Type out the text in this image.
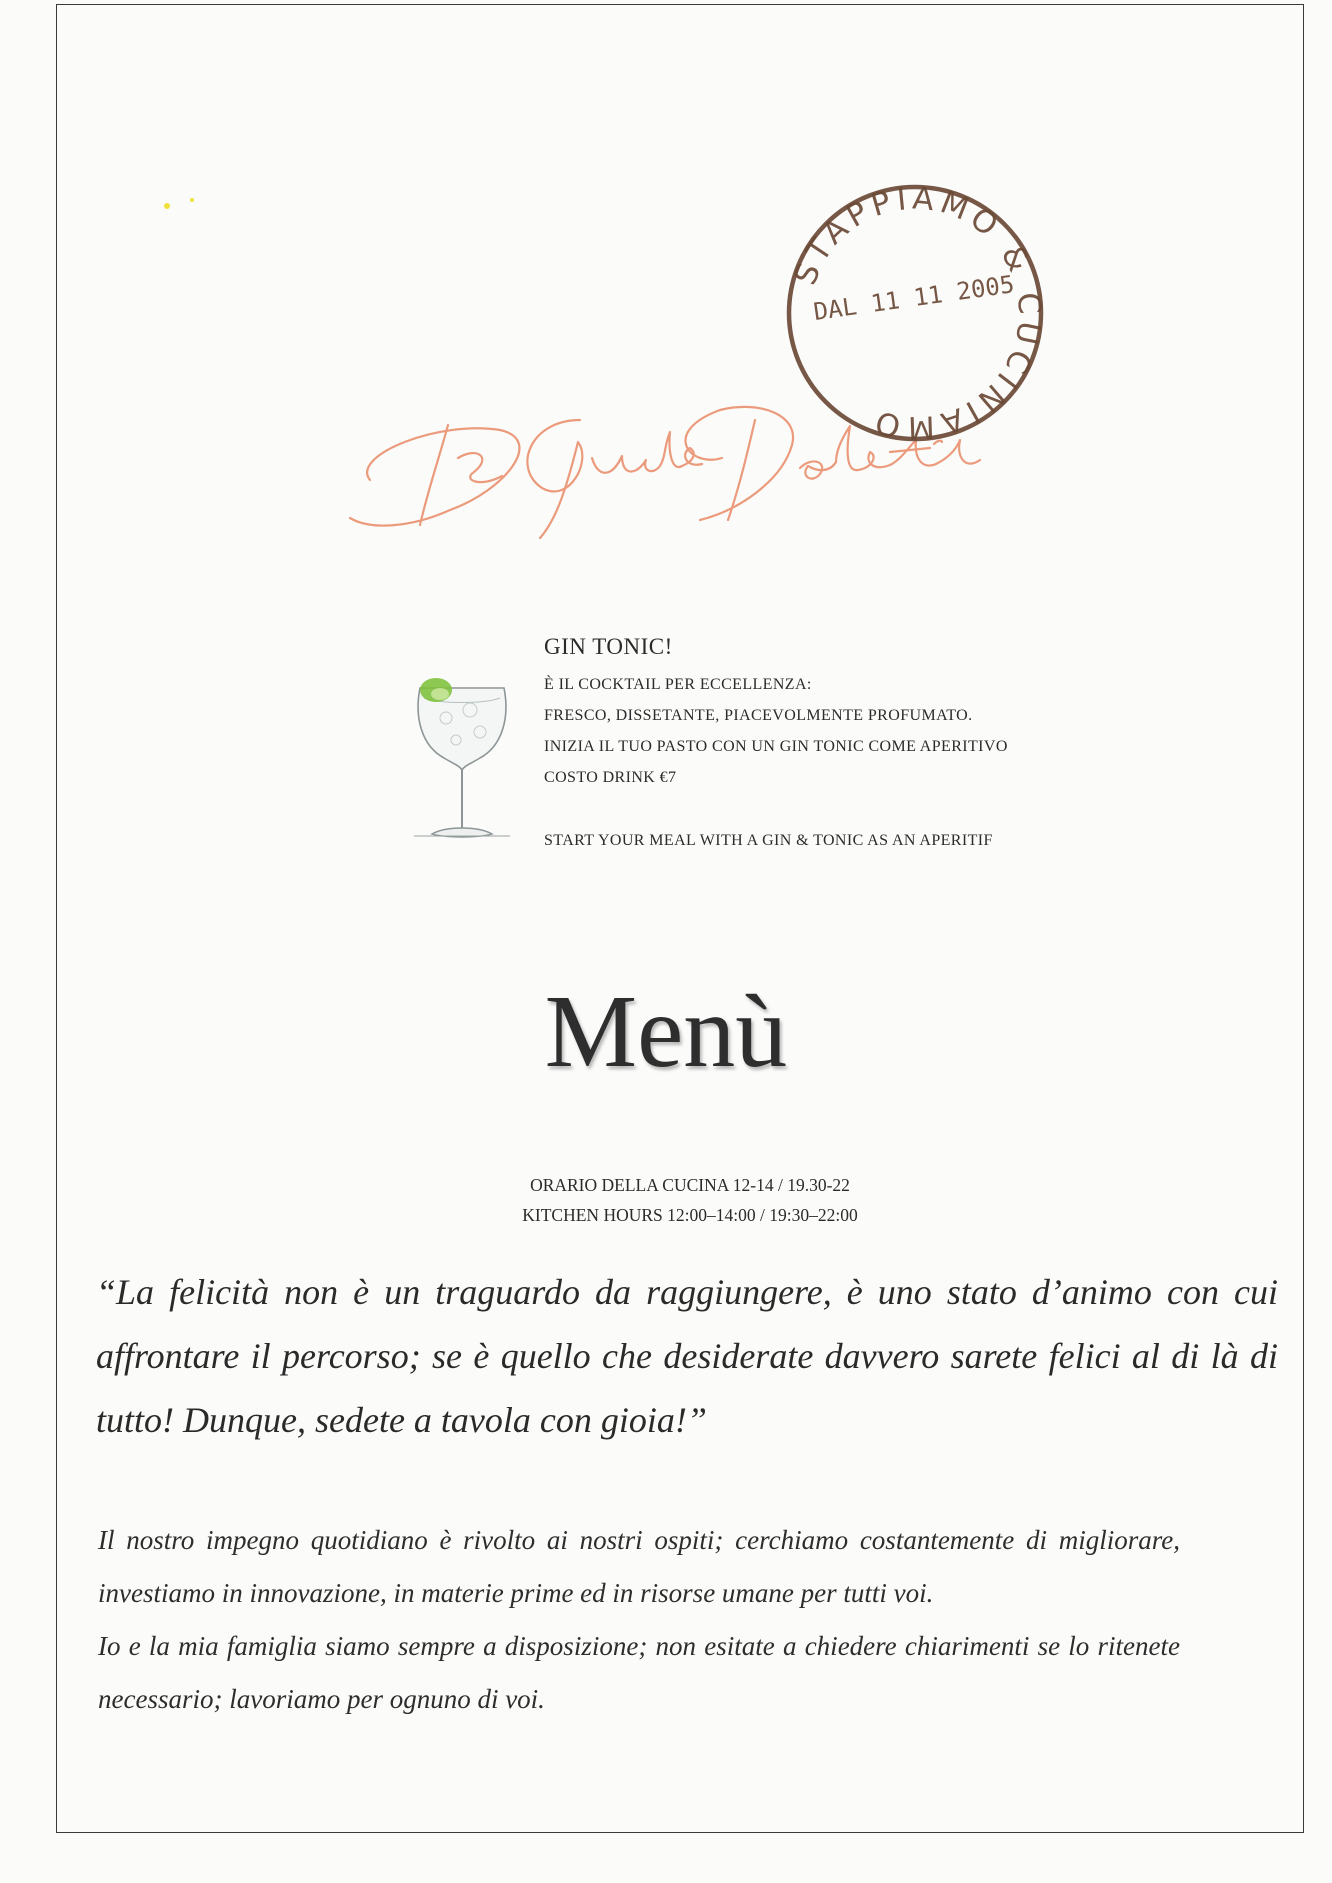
STAPPIAMO & CUCINIAMO
DAL 11 11 2005

GIN TONIC!

È IL COCKTAIL PER ECCELLENZA:

FRESCO, DISSETANTE, PIACEVOLMENTE PROFUMATO.

INIZIA IL TUO PASTO CON UN GIN TONIC COME APERITIVO

COSTO DRINK €7

START YOUR MEAL WITH A GIN & TONIC AS AN APERITIF

Menù

ORARIO DELLA CUCINA 12-14 / 19.30-22

KITCHEN HOURS 12:00–14:00 / 19:30–22:00

“La felicità non è un traguardo da raggiungere, è uno stato d’animo con cui affrontare il percorso; se è quello che desiderate davvero sarete felici al di là di tutto! Dunque, sedete a tavola con gioia!”

Il nostro impegno quotidiano è rivolto ai nostri ospiti; cerchiamo costantemente di migliorare, investiamo in innovazione, in materie prime ed in risorse umane per tutti voi.

Io e la mia famiglia siamo sempre a disposizione; non esitate a chiedere chiarimenti se lo ritenete necessario; lavoriamo per ognuno di voi.
